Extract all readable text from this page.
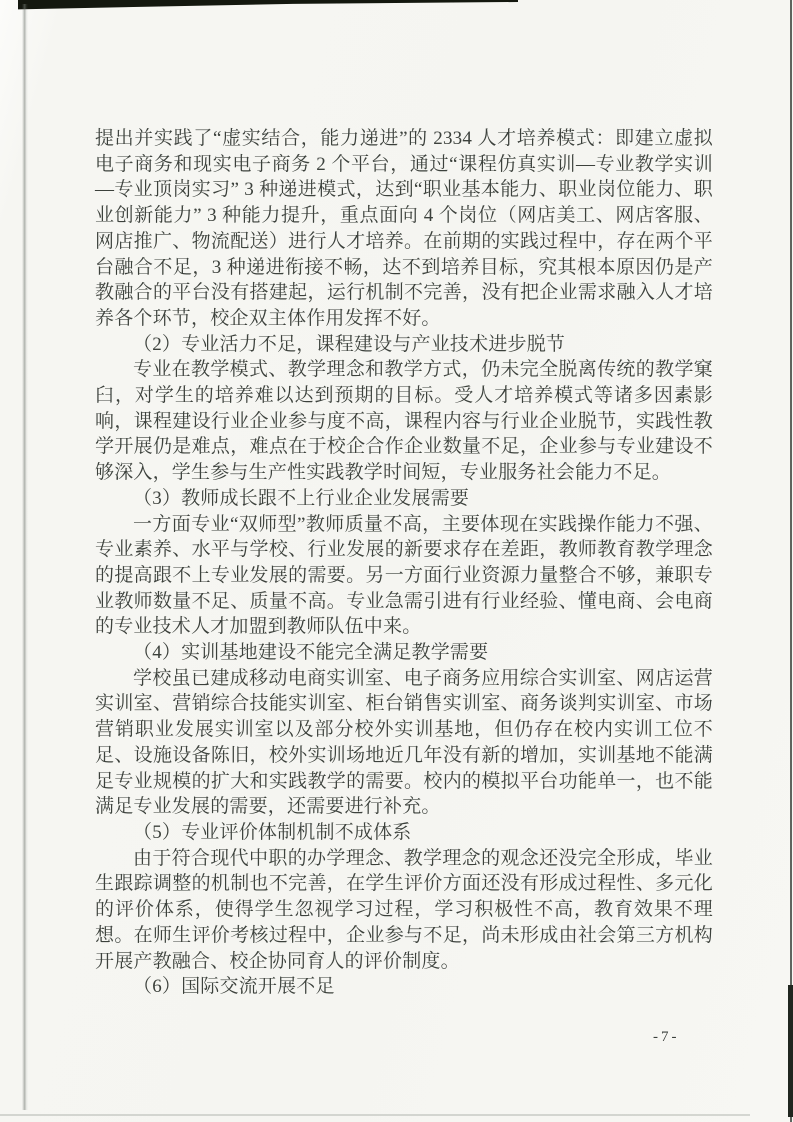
提出并实践了“虚实结合，能力递进”的 2334 人才培养模式：即建立虚拟电子商务和现实电子商务 2 个平台，通过“课程仿真实训—专业教学实训—专业顶岗实习” 3 种递进模式，达到“职业基本能力、职业岗位能力、职业创新能力” 3 种能力提升，重点面向 4 个岗位（网店美工、网店客服、网店推广、物流配送）进行人才培养。在前期的实践过程中，存在两个平台融合不足，3 种递进衔接不畅，达不到培养目标，究其根本原因仍是产教融合的平台没有搭建起，运行机制不完善，没有把企业需求融入人才培养各个环节，校企双主体作用发挥不好。

（2）专业活力不足，课程建设与产业技术进步脱节

专业在教学模式、教学理念和教学方式，仍未完全脱离传统的教学窠臼，对学生的培养难以达到预期的目标。受人才培养模式等诸多因素影响，课程建设行业企业参与度不高，课程内容与行业企业脱节，实践性教学开展仍是难点，难点在于校企合作企业数量不足，企业参与专业建设不够深入，学生参与生产性实践教学时间短，专业服务社会能力不足。

（3）教师成长跟不上行业企业发展需要

一方面专业“双师型”教师质量不高，主要体现在实践操作能力不强、专业素养、水平与学校、行业发展的新要求存在差距，教师教育教学理念的提高跟不上专业发展的需要。另一方面行业资源力量整合不够，兼职专业教师数量不足、质量不高。专业急需引进有行业经验、懂电商、会电商的专业技术人才加盟到教师队伍中来。

（4）实训基地建设不能完全满足教学需要

学校虽已建成移动电商实训室、电子商务应用综合实训室、网店运营实训室、营销综合技能实训室、柜台销售实训室、商务谈判实训室、市场营销职业发展实训室以及部分校外实训基地，但仍存在校内实训工位不足、设施设备陈旧，校外实训场地近几年没有新的增加，实训基地不能满足专业规模的扩大和实践教学的需要。校内的模拟平台功能单一，也不能满足专业发展的需要，还需要进行补充。

（5）专业评价体制机制不成体系

由于符合现代中职的办学理念、教学理念的观念还没完全形成，毕业生跟踪调整的机制也不完善，在学生评价方面还没有形成过程性、多元化的评价体系，使得学生忽视学习过程，学习积极性不高，教育效果不理想。在师生评价考核过程中，企业参与不足，尚未形成由社会第三方机构开展产教融合、校企协同育人的评价制度。

（6）国际交流开展不足

-7-
